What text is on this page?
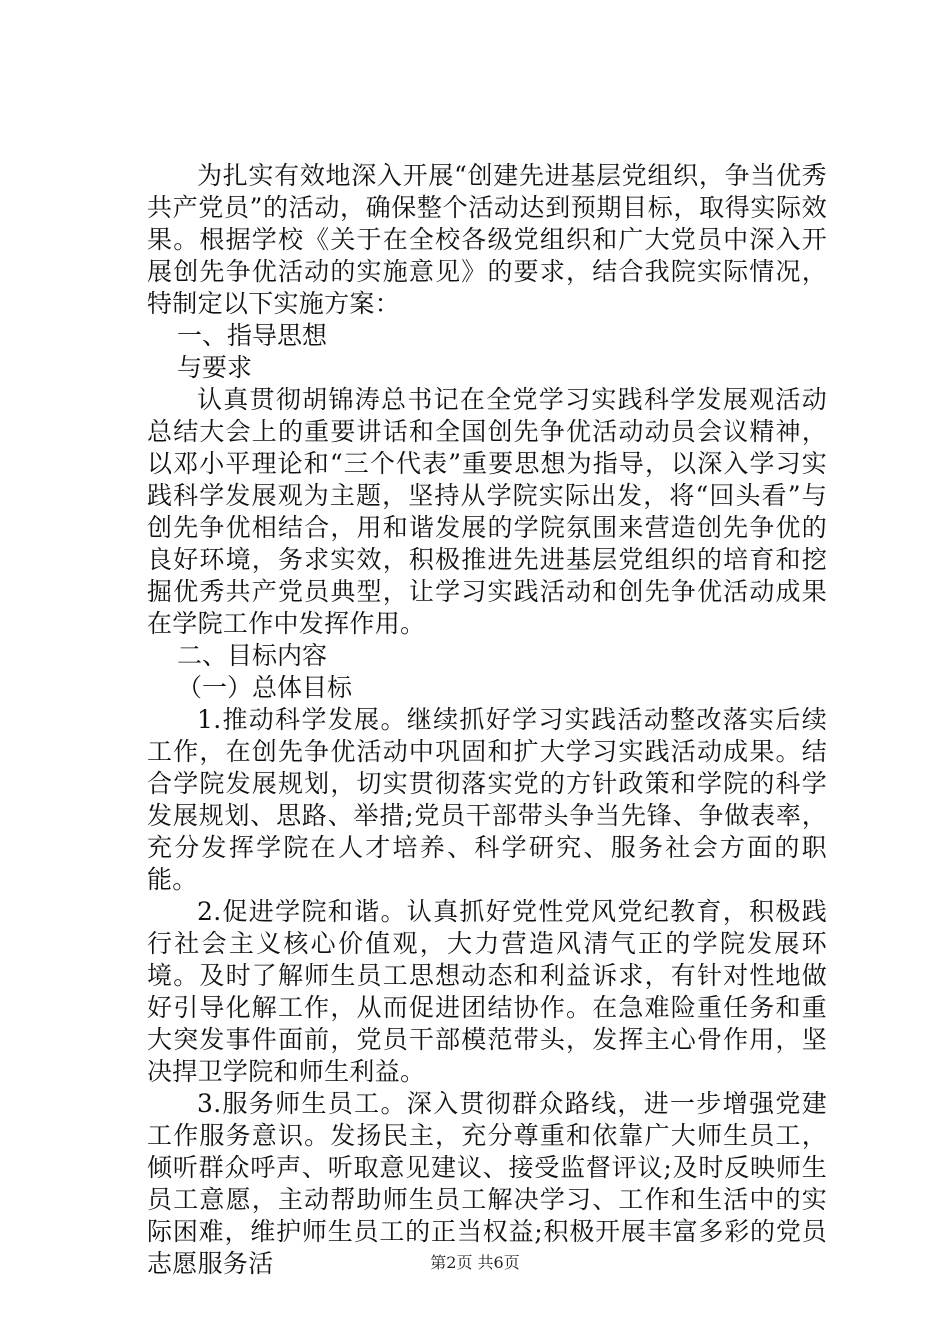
为扎实有效地深入开展“创建先进基层党组织，争当优秀共产党员”的活动，确保整个活动达到预期目标，取得实际效果。根据学校《关于在全校各级党组织和广大党员中深入开展创先争优活动的实施意见》的要求，结合我院实际情况，特制定以下实施方案：

一、指导思想

与要求

认真贯彻胡锦涛总书记在全党学习实践科学发展观活动总结大会上的重要讲话和全国创先争优活动动员会议精神，以邓小平理论和“三个代表”重要思想为指导，以深入学习实践科学发展观为主题，坚持从学院实际出发，将“回头看”与创先争优相结合，用和谐发展的学院氛围来营造创先争优的良好环境，务求实效，积极推进先进基层党组织的培育和挖掘优秀共产党员典型，让学习实践活动和创先争优活动成果在学院工作中发挥作用。

二、目标内容

（一）总体目标

1.推动科学发展。继续抓好学习实践活动整改落实后续工作，在创先争优活动中巩固和扩大学习实践活动成果。结合学院发展规划，切实贯彻落实党的方针政策和学院的科学发展规划、思路、举措;党员干部带头争当先锋、争做表率，充分发挥学院在人才培养、科学研究、服务社会方面的职能。

2.促进学院和谐。认真抓好党性党风党纪教育，积极践行社会主义核心价值观，大力营造风清气正的学院发展环境。及时了解师生员工思想动态和利益诉求，有针对性地做好引导化解工作，从而促进团结协作。在急难险重任务和重大突发事件面前，党员干部模范带头，发挥主心骨作用，坚决捍卫学院和师生利益。

3.服务师生员工。深入贯彻群众路线，进一步增强党建工作服务意识。发扬民主，充分尊重和依靠广大师生员工，倾听群众呼声、听取意见建议、接受监督评议;及时反映师生员工意愿，主动帮助师生员工解决学习、工作和生活中的实际困难，维护师生员工的正当权益;积极开展丰富多彩的党员志愿服务活	第2页 共6页
